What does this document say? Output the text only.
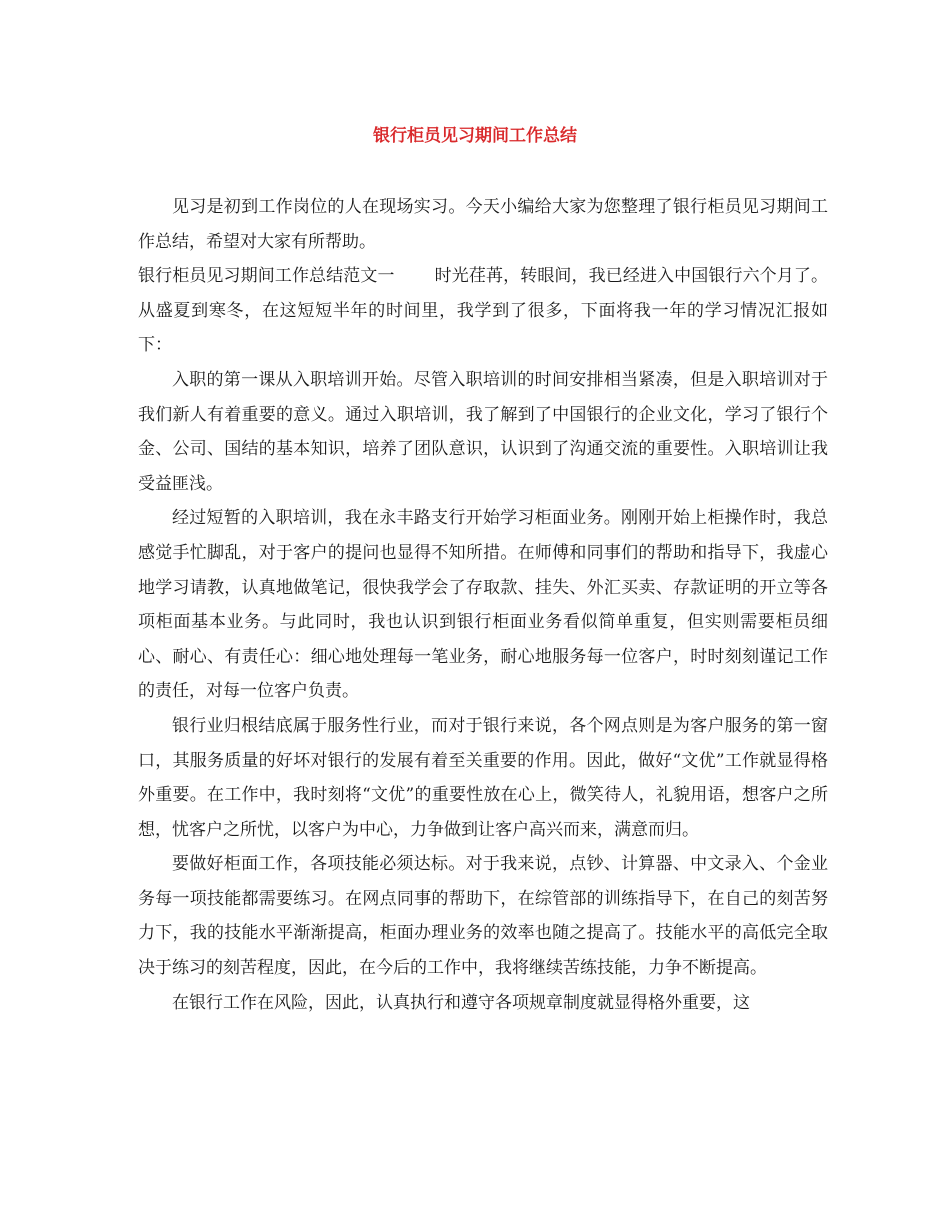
银行柜员见习期间工作总结

见习是初到工作岗位的人在现场实习。今天小编给大家为您整理了银行柜员见习期间工作总结，希望对大家有所帮助。

银行柜员见习期间工作总结范文一 时光荏苒，转眼间，我已经进入中国银行六个月了。从盛夏到寒冬，在这短短半年的时间里，我学到了很多，下面将我一年的学习情况汇报如下：

入职的第一课从入职培训开始。尽管入职培训的时间安排相当紧凑，但是入职培训对于我们新人有着重要的意义。通过入职培训，我了解到了中国银行的企业文化，学习了银行个金、公司、国结的基本知识，培养了团队意识，认识到了沟通交流的重要性。入职培训让我受益匪浅。

经过短暂的入职培训，我在永丰路支行开始学习柜面业务。刚刚开始上柜操作时，我总感觉手忙脚乱，对于客户的提问也显得不知所措。在师傅和同事们的帮助和指导下，我虚心地学习请教，认真地做笔记，很快我学会了存取款、挂失、外汇买卖、存款证明的开立等各项柜面基本业务。与此同时，我也认识到银行柜面业务看似简单重复，但实则需要柜员细心、耐心、有责任心：细心地处理每一笔业务，耐心地服务每一位客户，时时刻刻谨记工作的责任，对每一位客户负责。

银行业归根结底属于服务性行业，而对于银行来说，各个网点则是为客户服务的第一窗口，其服务质量的好坏对银行的发展有着至关重要的作用。因此，做好“文优”工作就显得格外重要。在工作中，我时刻将“文优”的重要性放在心上，微笑待人，礼貌用语，想客户之所想，忧客户之所忧，以客户为中心，力争做到让客户高兴而来，满意而归。

要做好柜面工作，各项技能必须达标。对于我来说，点钞、计算器、中文录入、个金业务每一项技能都需要练习。在网点同事的帮助下，在综管部的训练指导下，在自己的刻苦努力下，我的技能水平渐渐提高，柜面办理业务的效率也随之提高了。技能水平的高低完全取决于练习的刻苦程度，因此，在今后的工作中，我将继续苦练技能，力争不断提高。

在银行工作在风险，因此，认真执行和遵守各项规章制度就显得格外重要，这
